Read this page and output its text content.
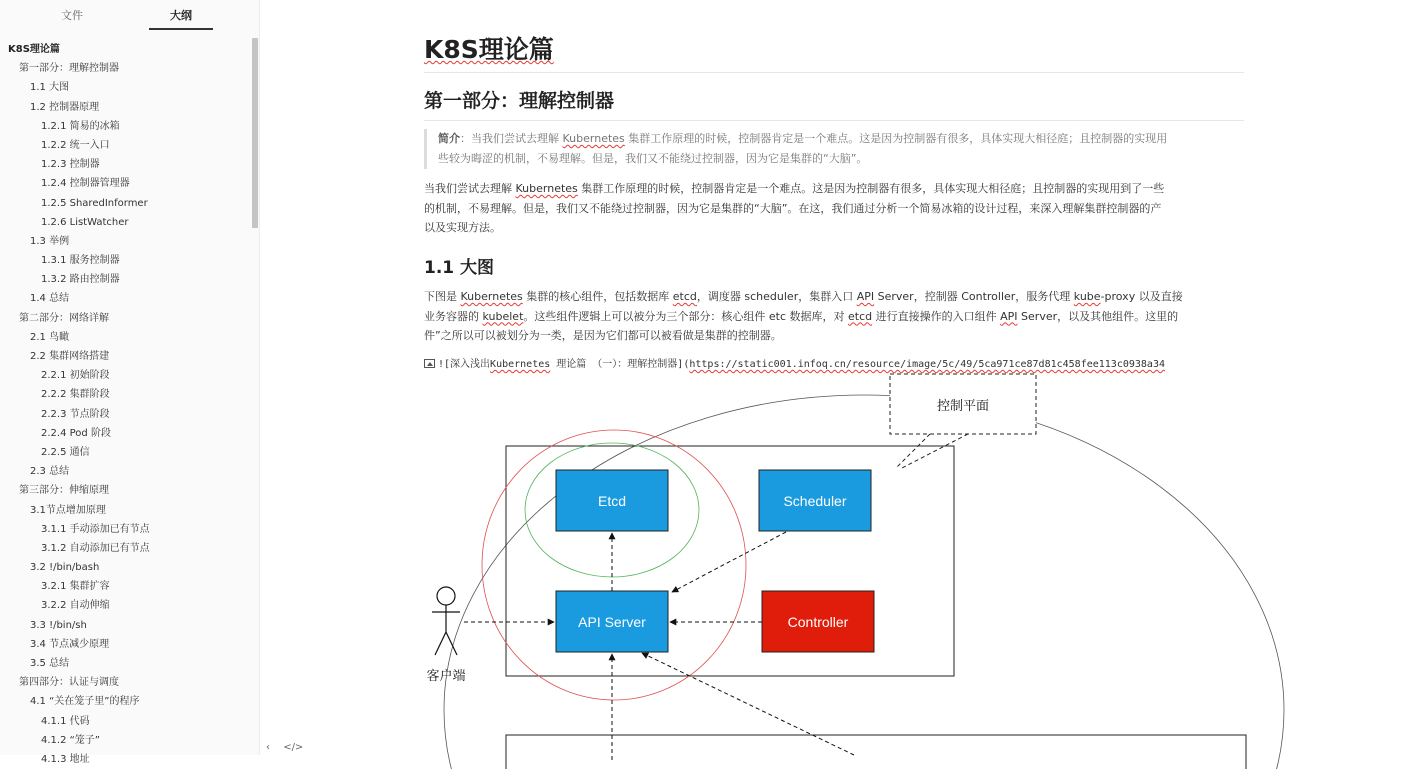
文件	大纲
K8S理论篇
第一部分：理解控制器
1.1 大图
1.2 控制器原理
1.2.1 简易的冰箱
1.2.2 统一入口
1.2.3 控制器
1.2.4 控制器管理器
1.2.5 SharedInformer
1.2.6 ListWatcher
1.3 举例
1.3.1 服务控制器
1.3.2 路由控制器
1.4 总结
第二部分：网络详解
2.1 鸟瞰
2.2 集群网络搭建
2.2.1 初始阶段
2.2.2 集群阶段
2.2.3 节点阶段
2.2.4 Pod 阶段
2.2.5 通信
2.3 总结
第三部分：伸缩原理
3.1节点增加原理
3.1.1 手动添加已有节点
3.1.2 自动添加已有节点
3.2 !/bin/bash
3.2.1 集群扩容
3.2.2 自动伸缩
3.3 !/bin/sh
3.4 节点减少原理
3.5 总结
第四部分：认证与调度
4.1 “关在笼子里”的程序
4.1.1 代码
4.1.2 “笼子”
4.1.3 地址
‹ </>
K8S理论篇
第一部分：理解控制器
简介：当我们尝试去理解 Kubernetes 集群工作原理的时候，控制器肯定是一个难点。这是因为控制器有很多，具体实现大相径庭；且控制器的实现用
些较为晦涩的机制，不易理解。但是，我们又不能绕过控制器，因为它是集群的“大脑”。
当我们尝试去理解 Kubernetes 集群工作原理的时候，控制器肯定是一个难点。这是因为控制器有很多，具体实现大相径庭；且控制器的实现用到了一些
的机制，不易理解。但是，我们又不能绕过控制器，因为它是集群的“大脑”。在这，我们通过分析一个简易冰箱的设计过程，来深入理解集群控制器的产
以及实现方法。
1.1 大图
下图是 Kubernetes 集群的核心组件，包括数据库 etcd，调度器 scheduler，集群入口 API Server，控制器 Controller，服务代理 kube-proxy 以及直接
业务容器的 kubelet。这些组件逻辑上可以被分为三个部分：核心组件 etc 数据库，对 etcd 进行直接操作的入口组件 API Server，以及其他组件。这里的
件”之所以可以被划分为一类，是因为它们都可以被看做是集群的控制器。
![深入浅出Kubernetes 理论篇 （一）：理解控制器](https://static001.infoq.cn/resource/image/5c/49/5ca971ce87d81c458fee113c0938a34
控制平面
Etcd	Scheduler
API Server	Controller
客户端
